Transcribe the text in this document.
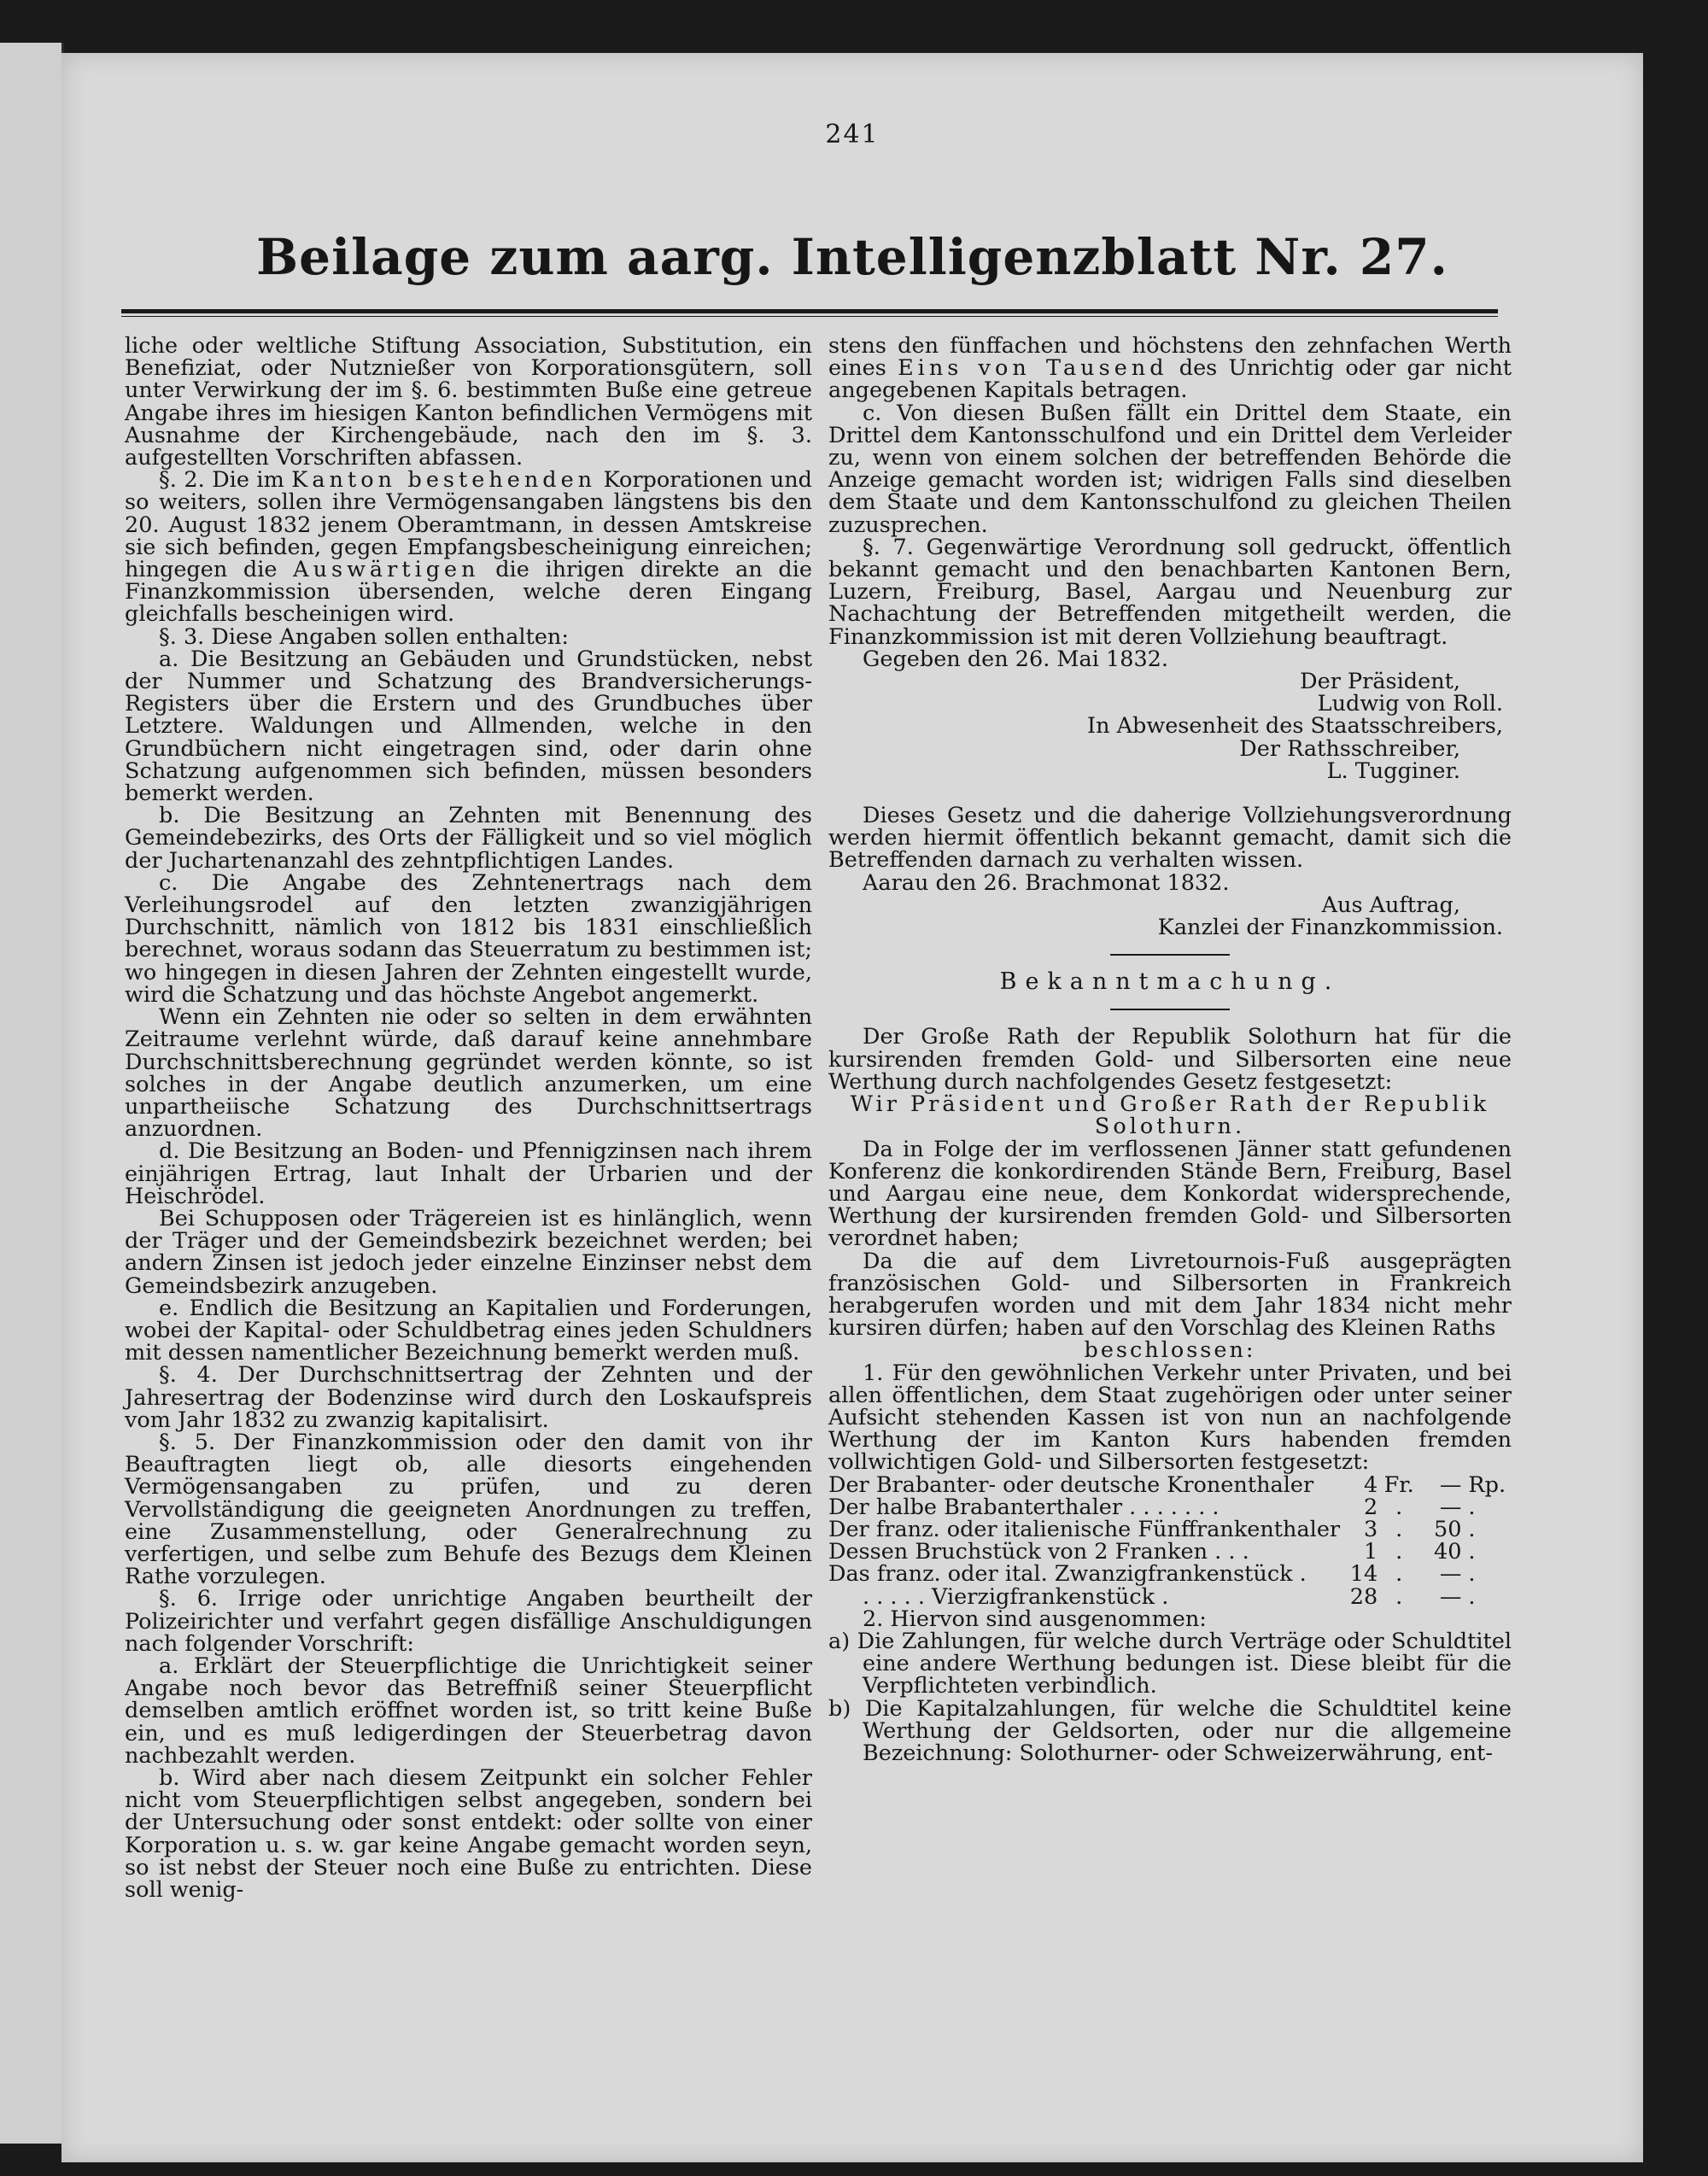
241
Beilage zum aarg. Intelligenzblatt Nr. 27.

liche oder weltliche Stiftung Association, Substitution, ein Benefiziat, oder Nutznießer von Korporationsgütern, soll unter Verwirkung der im §. 6. bestimmten Buße eine getreue Angabe ihres im hiesigen Kanton befindlichen Vermögens mit Ausnahme der Kirchengebäude, nach den im §. 3. aufgestellten Vorschriften abfassen.

§. 2. Die im Kanton bestehenden Korporationen und so weiters, sollen ihre Vermögensangaben längstens bis den 20. August 1832 jenem Oberamtmann, in dessen Amtskreise sie sich befinden, gegen Empfangsbescheinigung einreichen; hingegen die Auswärtigen die ihrigen direkte an die Finanzkommission übersenden, welche deren Eingang gleichfalls bescheinigen wird.

§. 3. Diese Angaben sollen enthalten:

a. Die Besitzung an Gebäuden und Grundstücken, nebst der Nummer und Schatzung des Brandversicherungs-Registers über die Erstern und des Grundbuches über Letztere. Waldungen und Allmenden, welche in den Grundbüchern nicht eingetragen sind, oder darin ohne Schatzung aufgenommen sich befinden, müssen besonders bemerkt werden.

b. Die Besitzung an Zehnten mit Benennung des Gemeindebezirks, des Orts der Fälligkeit und so viel möglich der Juchartenanzahl des zehntpflichtigen Landes.

c. Die Angabe des Zehntenertrags nach dem Verleihungsrodel auf den letzten zwanzigjährigen Durchschnitt, nämlich von 1812 bis 1831 einschließlich berechnet, woraus sodann das Steuerratum zu bestimmen ist; wo hingegen in diesen Jahren der Zehnten eingestellt wurde, wird die Schatzung und das höchste Angebot angemerkt.

Wenn ein Zehnten nie oder so selten in dem erwähnten Zeitraume verlehnt würde, daß darauf keine annehmbare Durchschnittsberechnung gegründet werden könnte, so ist solches in der Angabe deutlich anzumerken, um eine unpartheiische Schatzung des Durchschnittsertrags anzuordnen.

d. Die Besitzung an Boden- und Pfennigzinsen nach ihrem einjährigen Ertrag, laut Inhalt der Urbarien und der Heischrödel.

Bei Schupposen oder Trägereien ist es hinlänglich, wenn der Träger und der Gemeindsbezirk bezeichnet werden; bei andern Zinsen ist jedoch jeder einzelne Einzinser nebst dem Gemeindsbezirk anzugeben.

e. Endlich die Besitzung an Kapitalien und Forderungen, wobei der Kapital- oder Schuldbetrag eines jeden Schuldners mit dessen namentlicher Bezeichnung bemerkt werden muß.

§. 4. Der Durchschnittsertrag der Zehnten und der Jahresertrag der Bodenzinse wird durch den Loskaufspreis vom Jahr 1832 zu zwanzig kapitalisirt.

§. 5. Der Finanzkommission oder den damit von ihr Beauftragten liegt ob, alle diesorts eingehenden Vermögensangaben zu prüfen, und zu deren Vervollständigung die geeigneten Anordnungen zu treffen, eine Zusammenstellung, oder Generalrechnung zu verfertigen, und selbe zum Behufe des Bezugs dem Kleinen Rathe vorzulegen.

§. 6. Irrige oder unrichtige Angaben beurtheilt der Polizeirichter und verfahrt gegen disfällige Anschuldigungen nach folgender Vorschrift:

a. Erklärt der Steuerpflichtige die Unrichtigkeit seiner Angabe noch bevor das Betreffniß seiner Steuerpflicht demselben amtlich eröffnet worden ist, so tritt keine Buße ein, und es muß ledigerdingen der Steuerbetrag davon nachbezahlt werden.

b. Wird aber nach diesem Zeitpunkt ein solcher Fehler nicht vom Steuerpflichtigen selbst angegeben, sondern bei der Untersuchung oder sonst entdekt: oder sollte von einer Korporation u. s. w. gar keine Angabe gemacht worden seyn, so ist nebst der Steuer noch eine Buße zu entrichten. Diese soll wenig-

stens den fünffachen und höchstens den zehnfachen Werth eines Eins von Tausend des Unrichtig oder gar nicht angegebenen Kapitals betragen.

c. Von diesen Bußen fällt ein Drittel dem Staate, ein Drittel dem Kantonsschulfond und ein Drittel dem Verleider zu, wenn von einem solchen der betreffenden Behörde die Anzeige gemacht worden ist; widrigen Falls sind dieselben dem Staate und dem Kantonsschulfond zu gleichen Theilen zuzusprechen.

§. 7. Gegenwärtige Verordnung soll gedruckt, öffentlich bekannt gemacht und den benachbarten Kantonen Bern, Luzern, Freiburg, Basel, Aargau und Neuenburg zur Nachachtung der Betreffenden mitgetheilt werden, die Finanzkommission ist mit deren Vollziehung beauftragt.

Gegeben den 26. Mai 1832.

Der Präsident,

Ludwig von Roll.

In Abwesenheit des Staatsschreibers,

Der Rathsschreiber,

L. Tugginer.

Dieses Gesetz und die daherige Vollziehungsverordnung werden hiermit öffentlich bekannt gemacht, damit sich die Betreffenden darnach zu verhalten wissen.

Aarau den 26. Brachmonat 1832.

Aus Auftrag,

Kanzlei der Finanzkommission.

Bekanntmachung.

Der Große Rath der Republik Solothurn hat für die kursirenden fremden Gold- und Silbersorten eine neue Werthung durch nachfolgendes Gesetz festgesetzt:

Wir Präsident und Großer Rath der Republik Solothurn.

Da in Folge der im verflossenen Jänner statt gefundenen Konferenz die konkordirenden Stände Bern, Freiburg, Basel und Aargau eine neue, dem Konkordat widersprechende, Werthung der kursirenden fremden Gold- und Silbersorten verordnet haben;

Da die auf dem Livretournois-Fuß ausgeprägten französischen Gold- und Silbersorten in Frankreich herabgerufen worden und mit dem Jahr 1834 nicht mehr kursiren dürfen; haben auf den Vorschlag des Kleinen Raths

beschlossen:

1. Für den gewöhnlichen Verkehr unter Privaten, und bei allen öffentlichen, dem Staat zugehörigen oder unter seiner Aufsicht stehenden Kassen ist von nun an nachfolgende Werthung der im Kanton Kurs habenden fremden vollwichtigen Gold- und Silbersorten festgesetzt:

Der Brabanter- oder deutsche Kronenthaler	4	Fr.	—	Rp.
Der halbe Brabanterthaler . . . . . . .	2	.	—	.
Der franz. oder italienische Fünffrankenthaler	3	.	50	.
Dessen Bruchstück von 2 Franken . . .	1	.	40	.
Das franz. oder ital. Zwanzigfrankenstück .	14	.	—	.
. . . . . Vierzigfrankenstück .	28	.	—	.

2. Hiervon sind ausgenommen:

a) Die Zahlungen, für welche durch Verträge oder Schuldtitel eine andere Werthung bedungen ist. Diese bleibt für die Verpflichteten verbindlich.

b) Die Kapitalzahlungen, für welche die Schuldtitel keine Werthung der Geldsorten, oder nur die allgemeine Bezeichnung: Solothurner- oder Schweizerwährung, ent-
